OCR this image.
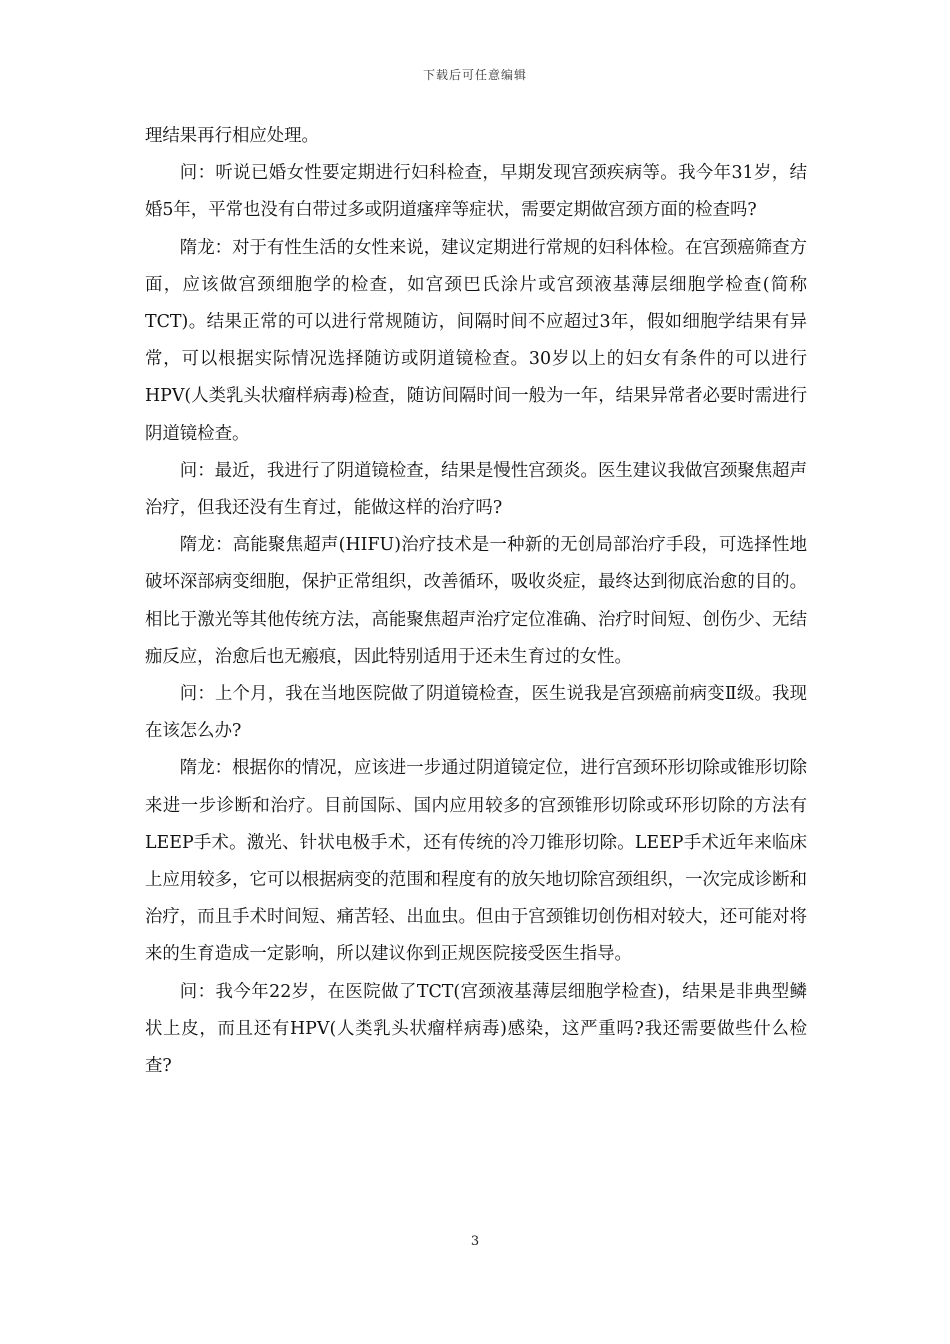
下载后可任意编辑

理结果再行相应处理。

问：听说已婚女性要定期进行妇科检查，早期发现宫颈疾病等。我今年31岁，结婚5年，平常也没有白带过多或阴道瘙痒等症状，需要定期做宫颈方面的检查吗?

隋龙：对于有性生活的女性来说，建议定期进行常规的妇科体检。在宫颈癌筛查方面，应该做宫颈细胞学的检查，如宫颈巴氏涂片或宫颈液基薄层细胞学检查(简称TCT)。结果正常的可以进行常规随访，间隔时间不应超过3年，假如细胞学结果有异常，可以根据实际情况选择随访或阴道镜检查。30岁以上的妇女有条件的可以进行HPV(人类乳头状瘤样病毒)检查，随访间隔时间一般为一年，结果异常者必要时需进行阴道镜检查。

问：最近，我进行了阴道镜检查，结果是慢性宫颈炎。医生建议我做宫颈聚焦超声治疗，但我还没有生育过，能做这样的治疗吗?

隋龙：高能聚焦超声(HIFU)治疗技术是一种新的无创局部治疗手段，可选择性地破坏深部病变细胞，保护正常组织，改善循环，吸收炎症，最终达到彻底治愈的目的。相比于激光等其他传统方法，高能聚焦超声治疗定位准确、治疗时间短、创伤少、无结痂反应，治愈后也无瘢痕，因此特别适用于还未生育过的女性。

问：上个月，我在当地医院做了阴道镜检查，医生说我是宫颈癌前病变Ⅱ级。我现在该怎么办?

隋龙：根据你的情况，应该进一步通过阴道镜定位，进行宫颈环形切除或锥形切除来进一步诊断和治疗。目前国际、国内应用较多的宫颈锥形切除或环形切除的方法有LEEP手术。激光、针状电极手术，还有传统的冷刀锥形切除。LEEP手术近年来临床上应用较多，它可以根据病变的范围和程度有的放矢地切除宫颈组织，一次完成诊断和治疗，而且手术时间短、痛苦轻、出血虫。但由于宫颈锥切创伤相对较大，还可能对将来的生育造成一定影响，所以建议你到正规医院接受医生指导。

问：我今年22岁，在医院做了TCT(宫颈液基薄层细胞学检查)，结果是非典型鳞状上皮，而且还有HPV(人类乳头状瘤样病毒)感染，这严重吗?我还需要做些什么检查?

3
